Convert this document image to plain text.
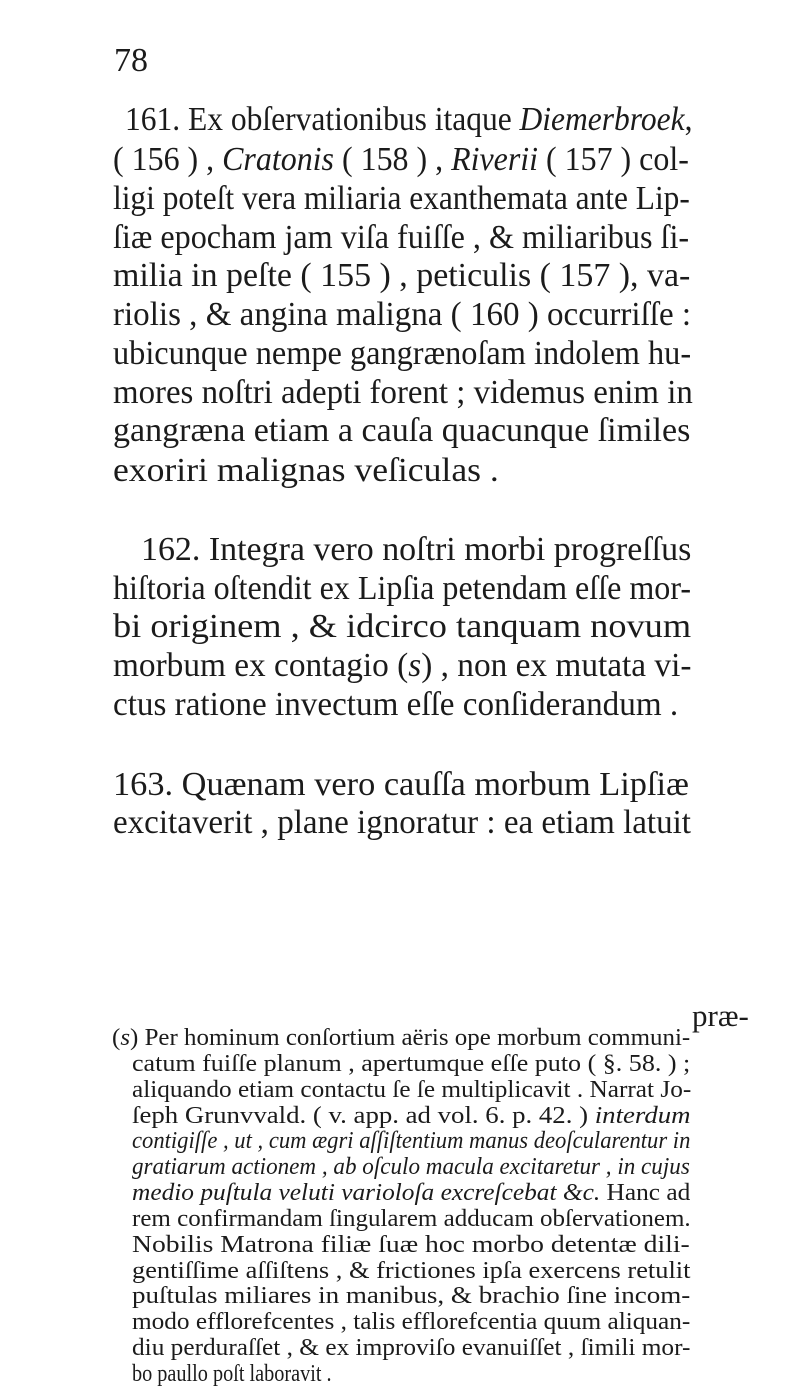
78
161. Ex obſervationibus itaque Diemerbroek,
( 156 ) , Cratonis ( 158 ) , Riverii ( 157 ) col-
ligi poteſt vera miliaria exanthemata ante Lip-
ſiæ epocham jam viſa fuiſſe , & miliaribus ſi-
milia in peſte ( 155 ) , peticulis ( 157 ), va-
riolis , & angina maligna ( 160 ) occurriſſe :
ubicunque nempe gangrænoſam indolem hu-
mores noſtri adepti forent ; videmus enim in
gangræna etiam a cauſa quacunque ſimiles
exoriri malignas veſiculas .
162. Integra vero noſtri morbi progreſſus
hiſtoria oſtendit ex Lipſia petendam eſſe mor-
bi originem , & idcirco tanquam novum
morbum ex contagio (s) , non ex mutata vi-
ctus ratione invectum eſſe conſiderandum .
163. Quænam vero cauſſa morbum Lipſiæ
excitaverit , plane ignoratur : ea etiam latuit
præ-
(s) Per hominum conſortium aëris ope morbum communi-
catum fuiſſe planum , apertumque eſſe puto ( §. 58. ) ;
aliquando etiam contactu ſe ſe multiplicavit . Narrat Jo-
ſeph Grunvvald. ( v. app. ad vol. 6. p. 42. ) interdum
contigiſſe , ut , cum ægri aſſiſtentium manus deoſcularentur in
gratiarum actionem , ab oſculo macula excitaretur , in cujus
medio puſtula veluti varioloſa excreſcebat &c. Hanc ad
rem confirmandam ſingularem adducam obſervationem.
Nobilis Matrona filiæ ſuæ hoc morbo detentæ dili-
gentiſſime aſſiſtens , & frictiones ipſa exercens retulit
puſtulas miliares in manibus, & brachio ſine incom-
modo efflorefcentes , talis efflorefcentia quum aliquan-
diu perduraſſet , & ex improviſo evanuiſſet , ſimili mor-
bo paullo poſt laboravit .
